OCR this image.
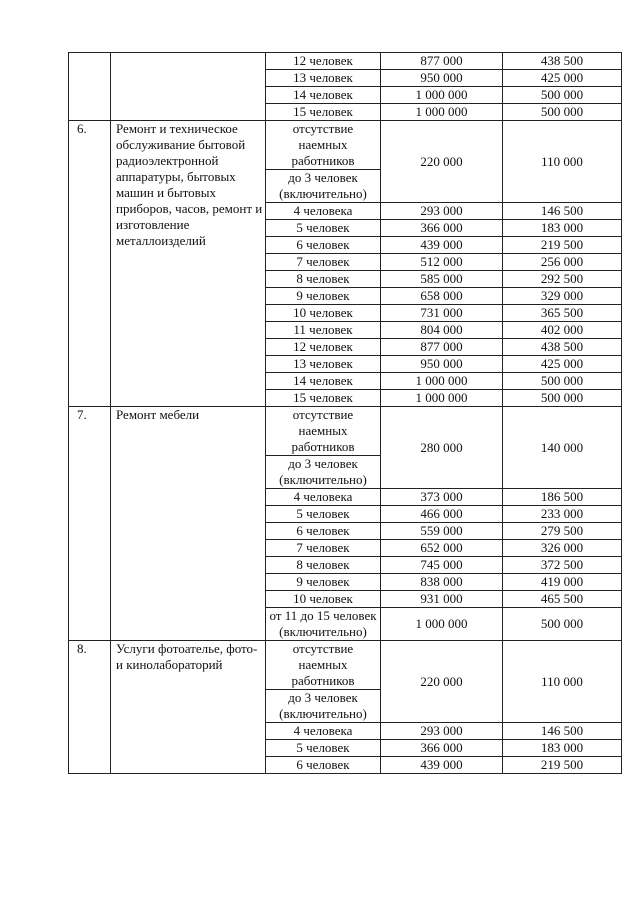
		12 человек	877 000	438 500
		13 человек	950 000	425 000
		14 человек	1 000 000	500 000
		15 человек	1 000 000	500 000
6.	Ремонт и техническое обслуживание бытовой радиоэлектронной аппаратуры, бытовых машин и бытовых приборов, часов, ремонт и изготовление металлоизделий	отсутствие наемных работников	220 000	110 000
		до 3 человек (включительно)		
		4 человека	293 000	146 500
		5 человек	366 000	183 000
		6 человек	439 000	219 500
		7 человек	512 000	256 000
		8 человек	585 000	292 500
		9 человек	658 000	329 000
		10 человек	731 000	365 500
		11 человек	804 000	402 000
		12 человек	877 000	438 500
		13 человек	950 000	425 000
		14 человек	1 000 000	500 000
		15 человек	1 000 000	500 000
7.	Ремонт мебели	отсутствие наемных работников	280 000	140 000
		до 3 человек (включительно)		
		4 человека	373 000	186 500
		5 человек	466 000	233 000
		6 человек	559 000	279 500
		7 человек	652 000	326 000
		8 человек	745 000	372 500
		9 человек	838 000	419 000
		10 человек	931 000	465 500
		от 11 до 15 человек (включительно)	1 000 000	500 000
8.	Услуги фотоателье, фото- и кинолабораторий	отсутствие наемных работников	220 000	110 000
		до 3 человек (включительно)		
		4 человека	293 000	146 500
		5 человек	366 000	183 000
		6 человек	439 000	219 500
